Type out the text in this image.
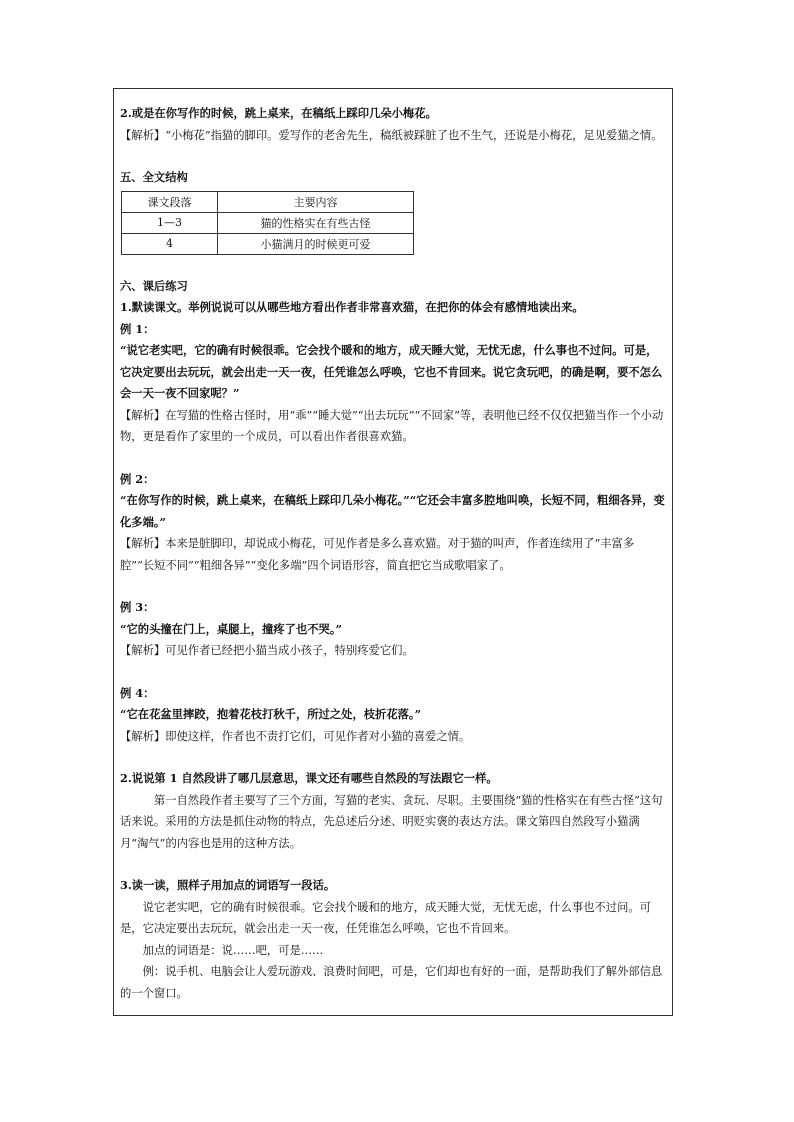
2.或是在你写作的时候，跳上桌来，在稿纸上踩印几朵小梅花。
【解析】“小梅花”指猫的脚印。爱写作的老舍先生，稿纸被踩脏了也不生气，还说是小梅花，足见爱猫之情。
五、全文结构
课文段落	主要内容
1—3	猫的性格实在有些古怪
4	小猫满月的时候更可爱
六、课后练习
1.默读课文。举例说说可以从哪些地方看出作者非常喜欢猫，在把你的体会有感情地读出来。
例 1：
“说它老实吧，它的确有时候很乖。它会找个暖和的地方，成天睡大觉，无忧无虑，什么事也不过问。可是，它决定要出去玩玩，就会出走一天一夜，任凭谁怎么呼唤，它也不肯回来。说它贪玩吧，的确是啊，要不怎么会一天一夜不回家呢？”
【解析】在写猫的性格古怪时，用“乖”“睡大觉”“出去玩玩”“不回家”等，表明他已经不仅仅把猫当作一个小动物，更是看作了家里的一个成员，可以看出作者很喜欢猫。
例 2：
“在你写作的时候，跳上桌来，在稿纸上踩印几朵小梅花。”“它还会丰富多腔地叫唤，长短不同，粗细各异，变化多端。”
【解析】本来是脏脚印，却说成小梅花，可见作者是多么喜欢猫。对于猫的叫声，作者连续用了“丰富多腔”“长短不同”“粗细各异”“变化多端”四个词语形容，简直把它当成歌唱家了。
例 3：
“它的头撞在门上，桌腿上，撞疼了也不哭。”
【解析】可见作者已经把小猫当成小孩子，特别疼爱它们。
例 4：
“它在花盆里摔跤，抱着花枝打秋千，所过之处，枝折花落。”
【解析】即使这样，作者也不责打它们，可见作者对小猫的喜爱之情。
2.说说第 1 自然段讲了哪几层意思，课文还有哪些自然段的写法跟它一样。
第一自然段作者主要写了三个方面，写猫的老实、贪玩、尽职。主要围绕“猫的性格实在有些古怪”这句话来说。采用的方法是抓住动物的特点，先总述后分述、明贬实褒的表达方法。课文第四自然段写小猫满月“淘气”的内容也是用的这种方法。
3.读一读，照样子用加点的词语写一段话。
说它老实吧，它的确有时候很乖。它会找个暖和的地方，成天睡大觉，无忧无虑，什么事也不过问。可是，它决定要出去玩玩，就会出走一天一夜，任凭谁怎么呼唤，它也不肯回来。
加点的词语是：说……吧，可是……
例：说手机、电脑会让人爱玩游戏、浪费时间吧，可是，它们却也有好的一面，是帮助我们了解外部信息的一个窗口。
